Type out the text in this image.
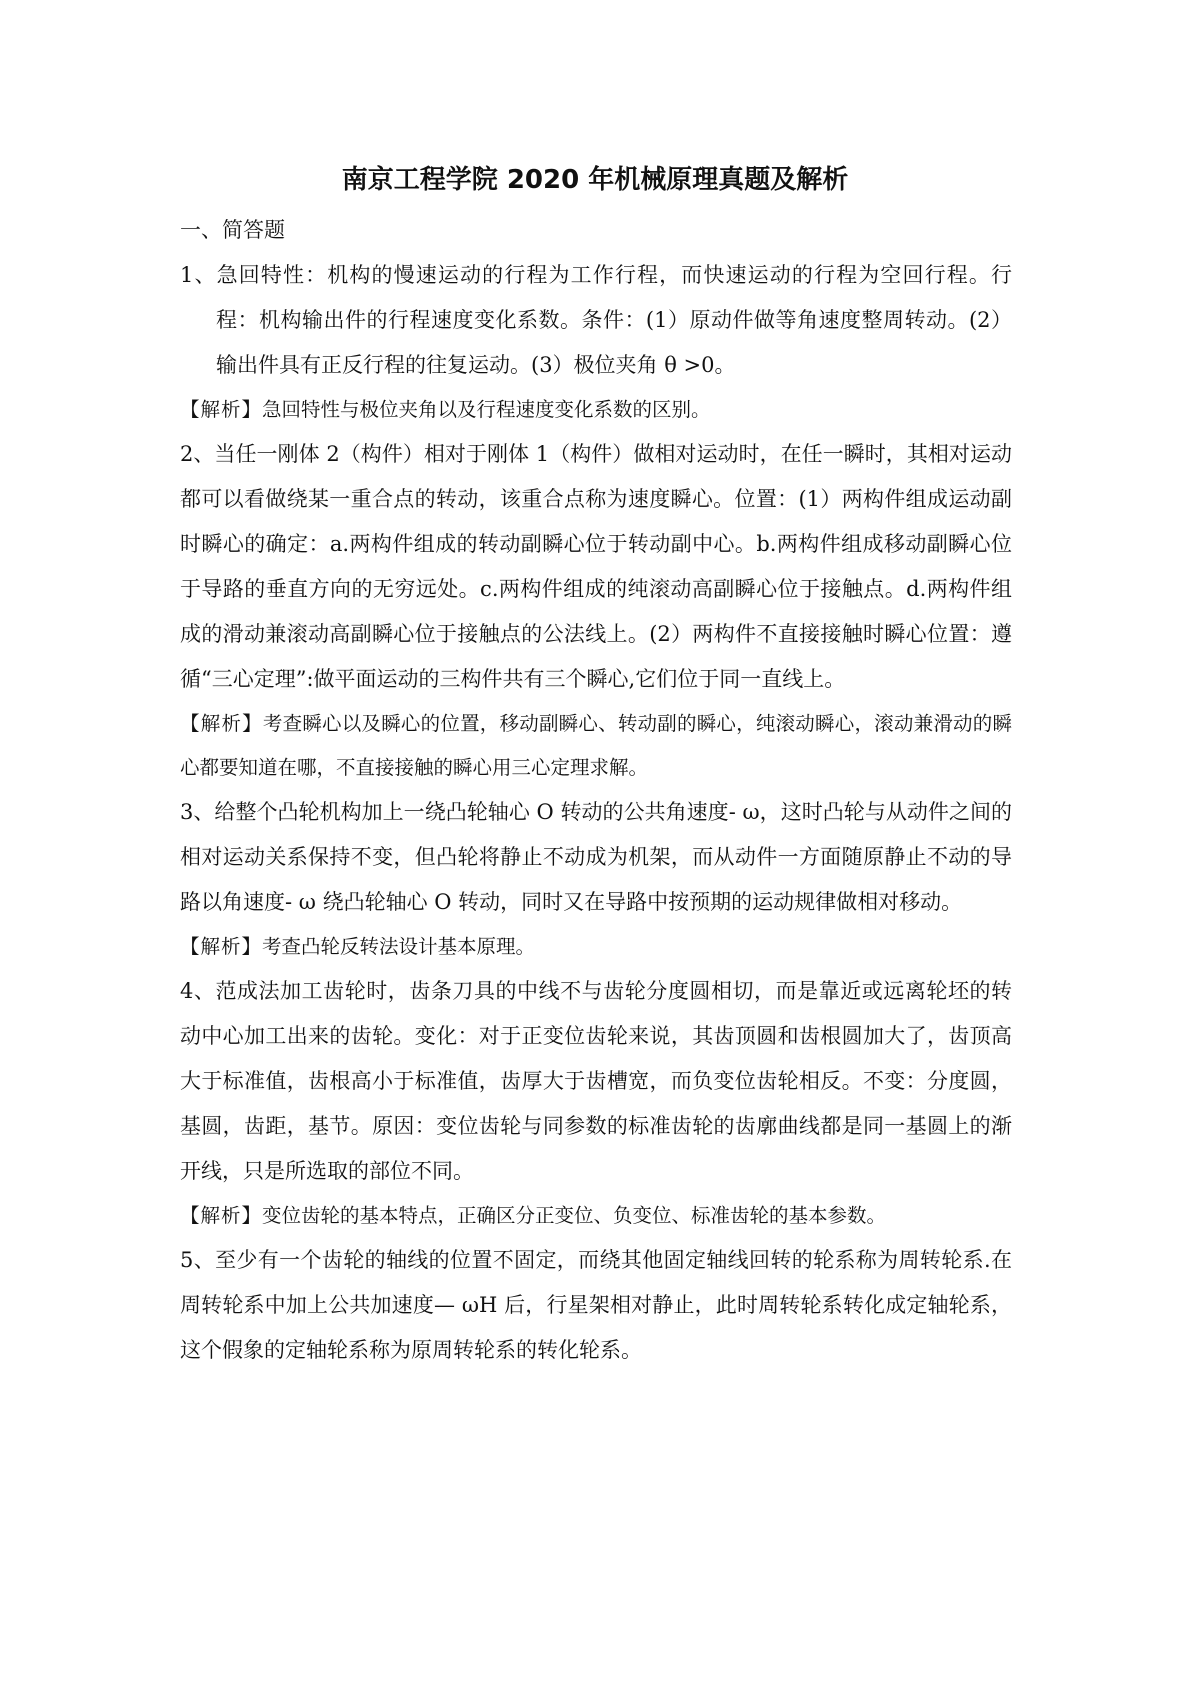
南京工程学院 2020 年机械原理真题及解析

一、简答题

1、急回特性：机构的慢速运动的行程为工作行程，而快速运动的行程为空回行程。行程：机构输出件的行程速度变化系数。条件：(1）原动件做等角速度整周转动。(2）输出件具有正反行程的往复运动。(3）极位夹角 θ >0。

【解析】急回特性与极位夹角以及行程速度变化系数的区别。

2、当任一刚体 2（构件）相对于刚体 1（构件）做相对运动时，在任一瞬时，其相对运动都可以看做绕某一重合点的转动，该重合点称为速度瞬心。位置：(1）两构件组成运动副时瞬心的确定：a.两构件组成的转动副瞬心位于转动副中心。b.两构件组成移动副瞬心位于导路的垂直方向的无穷远处。c.两构件组成的纯滚动高副瞬心位于接触点。d.两构件组成的滑动兼滚动高副瞬心位于接触点的公法线上。(2）两构件不直接接触时瞬心位置：遵循“三心定理”:做平面运动的三构件共有三个瞬心,它们位于同一直线上。

【解析】考查瞬心以及瞬心的位置，移动副瞬心、转动副的瞬心，纯滚动瞬心，滚动兼滑动的瞬心都要知道在哪，不直接接触的瞬心用三心定理求解。

3、给整个凸轮机构加上一绕凸轮轴心 O 转动的公共角速度- ω，这时凸轮与从动件之间的相对运动关系保持不变，但凸轮将静止不动成为机架，而从动件一方面随原静止不动的导路以角速度- ω 绕凸轮轴心 O 转动，同时又在导路中按预期的运动规律做相对移动。

【解析】考查凸轮反转法设计基本原理。

4、范成法加工齿轮时，齿条刀具的中线不与齿轮分度圆相切，而是靠近或远离轮坯的转动中心加工出来的齿轮。变化：对于正变位齿轮来说，其齿顶圆和齿根圆加大了，齿顶高大于标准值，齿根高小于标准值，齿厚大于齿槽宽，而负变位齿轮相反。不变：分度圆，基圆，齿距，基节。原因：变位齿轮与同参数的标准齿轮的齿廓曲线都是同一基圆上的渐开线，只是所选取的部位不同。

【解析】变位齿轮的基本特点，正确区分正变位、负变位、标准齿轮的基本参数。

5、至少有一个齿轮的轴线的位置不固定，而绕其他固定轴线回转的轮系称为周转轮系.在周转轮系中加上公共加速度— ωH 后，行星架相对静止，此时周转轮系转化成定轴轮系，这个假象的定轴轮系称为原周转轮系的转化轮系。
